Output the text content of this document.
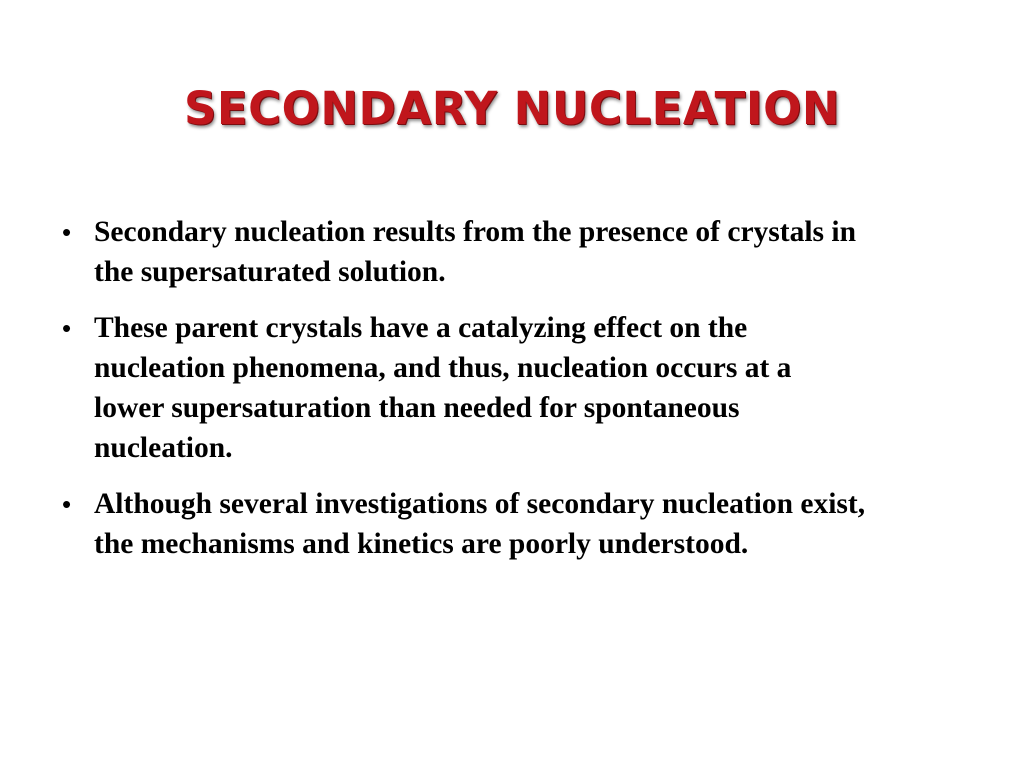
SECONDARY NUCLEATION
• Secondary nucleation results from the presence of crystals in
the supersaturated solution.
• These parent crystals have a catalyzing effect on the
nucleation phenomena, and thus, nucleation occurs at a
lower supersaturation than needed for spontaneous
nucleation.
• Although several investigations of secondary nucleation exist,
the mechanisms and kinetics are poorly understood.
